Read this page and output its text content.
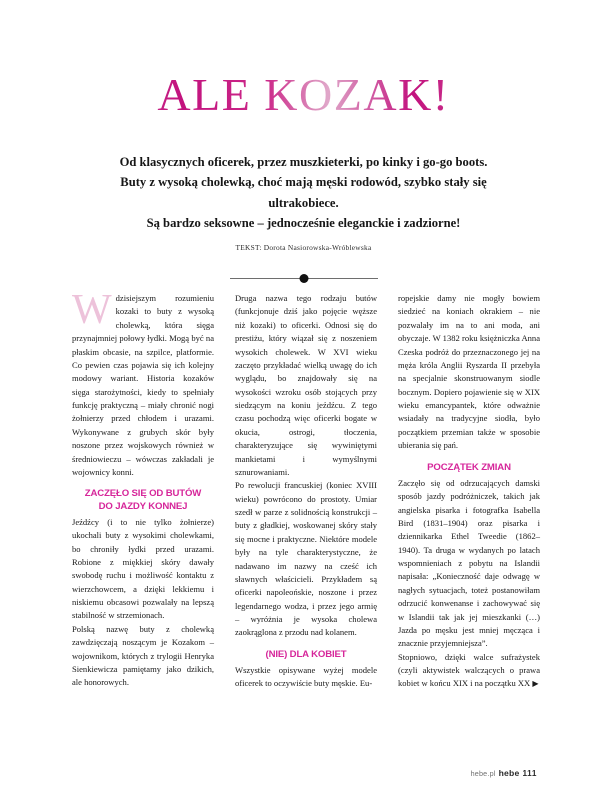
ALE KOZAK!
Od klasycznych oficerek, przez muszkieterki, po kinky i go-go boots.
Buty z wysoką cholewką, choć mają męski rodowód, szybko stały się ultrakobiece.
Są bardzo seksowne – jednocześnie eleganckie i zadziorne!
TEKST: Dorota Nasiorowska-Wróblewska

W dzisiejszym rozumieniu kozaki to buty z wysoką cholewką, która sięga przynajmniej połowy łydki. Mogą być na płaskim obcasie, na szpilce, platformie. Co pewien czas pojawia się ich kolejny modowy wariant. Historia kozaków sięga starożytności, kiedy to spełniały funkcję praktyczną – miały chronić nogi żołnierzy przed chłodem i urazami. Wykonywane z grubych skór były noszone przez wojskowych również w średniowieczu – wówczas zakładali je wojownicy konni.

ZACZĘŁO SIĘ OD BUTÓW
DO JAZDY KONNEJ

Jeźdźcy (i to nie tylko żołnierze) ukochali buty z wysokimi cholewkami, bo chroniły łydki przed urazami. Robione z miękkiej skóry dawały swobodę ruchu i możliwość kontaktu z wierzchowcem, a dzięki lekkiemu i niskiemu obcasowi pozwalały na lepszą stabilność w strzemionach.

Polską nazwę buty z cholewką zawdzięczają noszącym je Kozakom – wojownikom, których z trylogii Henryka Sienkiewicza pamiętamy jako dzikich, ale honorowych.

Druga nazwa tego rodzaju butów (funkcjonuje dziś jako pojęcie węższe niż kozaki) to oficerki. Odnosi się do prestiżu, który wiązał się z noszeniem wysokich cholewek. W XVI wieku zaczęto przykładać wielką uwagę do ich wyglądu, bo znajdowały się na wysokości wzroku osób stojących przy siedzącym na koniu jeźdźcu. Z tego czasu pochodzą więc oficerki bogate w okucia, ostrogi, tłoczenia, charakteryzujące się wywiniętymi mankietami i wymyślnymi sznurowaniami.

Po rewolucji francuskiej (koniec XVIII wieku) powrócono do prostoty. Umiar szedł w parze z solidnością konstrukcji – buty z gładkiej, woskowanej skóry stały się mocne i praktyczne. Niektóre modele były na tyle charakterystyczne, że nadawano im nazwy na cześć ich sławnych właścicieli. Przykładem są oficerki napoleońskie, noszone i przez legendarnego wodza, i przez jego armię – wyróżnia je wysoka cholewa zaokrąglona z przodu nad kolanem.

(NIE) DLA KOBIET

Wszystkie opisywane wyżej modele oficerek to oczywiście buty męskie. Eu-

ropejskie damy nie mogły bowiem siedzieć na koniach okrakiem – nie pozwalały im na to ani moda, ani obyczaje. W 1382 roku księżniczka Anna Czeska podróż do przeznaczonego jej na męża króla Anglii Ryszarda II przebyła na specjalnie skonstruowanym siodle bocznym. Dopiero pojawienie się w XIX wieku emancypantek, które odważnie wsiadały na tradycyjne siodła, było początkiem przemian także w sposobie ubierania się pań.

POCZĄTEK ZMIAN

Zaczęło się od odrzucających damski sposób jazdy podróżniczek, takich jak angielska pisarka i fotografka Isabella Bird (1831–1904) oraz pisarka i dziennikarka Ethel Tweedie (1862–1940). Ta druga w wydanych po latach wspomnieniach z pobytu na Islandii napisała: „Konieczność daje odwagę w nagłych sytuacjach, toteż postanowiłam odrzucić konwenanse i zachowywać się w Islandii tak jak jej mieszkanki (…) Jazda po męsku jest mniej męcząca i znacznie przyjemniejsza”.

Stopniowo, dzięki walce sufrażystek (czyli aktywistek walczących o prawa kobiet w końcu XIX i na początku XX ▶

hebe.pl hebe 111
